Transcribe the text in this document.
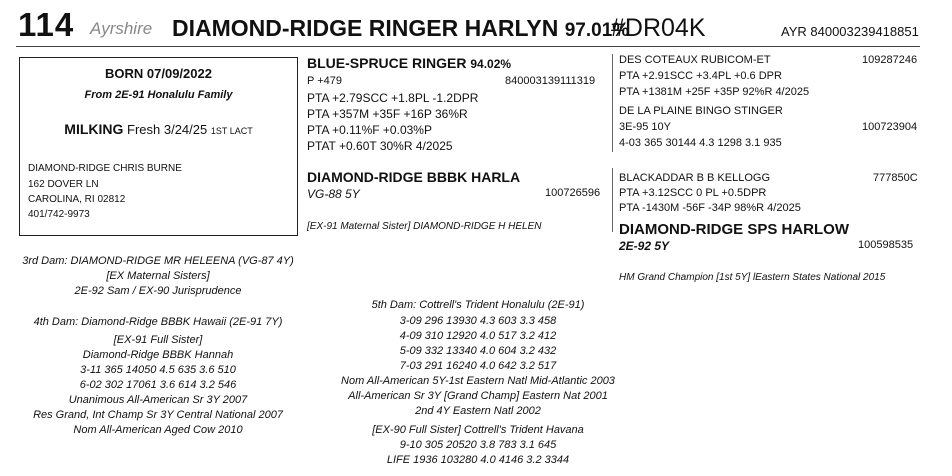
114 Ayrshire DIAMOND-RIDGE RINGER HARLYN 97.01%
#DR04K	AYR 840003239418851
BORN 07/09/2022
From 2E-91 Honalulu Family
MILKING Fresh 3/24/25 1ST LACT
DIAMOND-RIDGE CHRIS BURNE
162 DOVER LN
CAROLINA, RI 02812
401/742-9973
BLUE-SPRUCE RINGER 94.02%
P +479	840003139111319
PTA +2.79SCC +1.8PL -1.2DPR
PTA +357M +35F +16P 36%R
PTA +0.11%F +0.03%P
PTAT +0.60T 30%R 4/2025
DES COTEAUX RUBICOM-ET	109287246
PTA +2.91SCC +3.4PL +0.6 DPR
PTA +1381M +25F +35P 92%R 4/2025
DE LA PLAINE BINGO STINGER
3E-95 10Y	100723904
4-03 365 30144 4.3 1298 3.1 935
DIAMOND-RIDGE BBBK HARLA
VG-88 5Y	100726596
[EX-91 Maternal Sister] DIAMOND-RIDGE H HELEN
BLACKADDAR B B KELLOGG	777850C
PTA +3.12SCC 0 PL +0.5DPR
PTA -1430M -56F -34P 98%R 4/2025
DIAMOND-RIDGE SPS HARLOW
2E-92 5Y	100598535
HM Grand Champion [1st 5Y] lEastern States National 2015
3rd Dam: DIAMOND-RIDGE MR HELEENA (VG-87 4Y)
[EX Maternal Sisters]
2E-92 Sam / EX-90 Jurisprudence
4th Dam: Diamond-Ridge BBBK Hawaii (2E-91 7Y)
[EX-91 Full Sister]
Diamond-Ridge BBBK Hannah
3-11 365 14050 4.5 635 3.6 510
6-02 302 17061 3.6 614 3.2 546
Unanimous All-American Sr 3Y 2007
Res Grand, Int Champ Sr 3Y Central National 2007
Nom All-American Aged Cow 2010
5th Dam: Cottrell's Trident Honalulu (2E-91)
3-09 296 13930 4.3 603 3.3 458
4-09 310 12920 4.0 517 3.2 412
5-09 332 13340 4.0 604 3.2 432
7-03 291 16240 4.0 642 3.2 517
Nom All-American 5Y-1st Eastern Natl Mid-Atlantic 2003
All-American Sr 3Y [Grand Champ] Eastern Nat 2001
2nd 4Y Eastern Natl 2002
[EX-90 Full Sister] Cottrell's Trident Havana
9-10 305 20520 3.8 783 3.1 645
LIFE 1936 103280 4.0 4146 3.2 3344
